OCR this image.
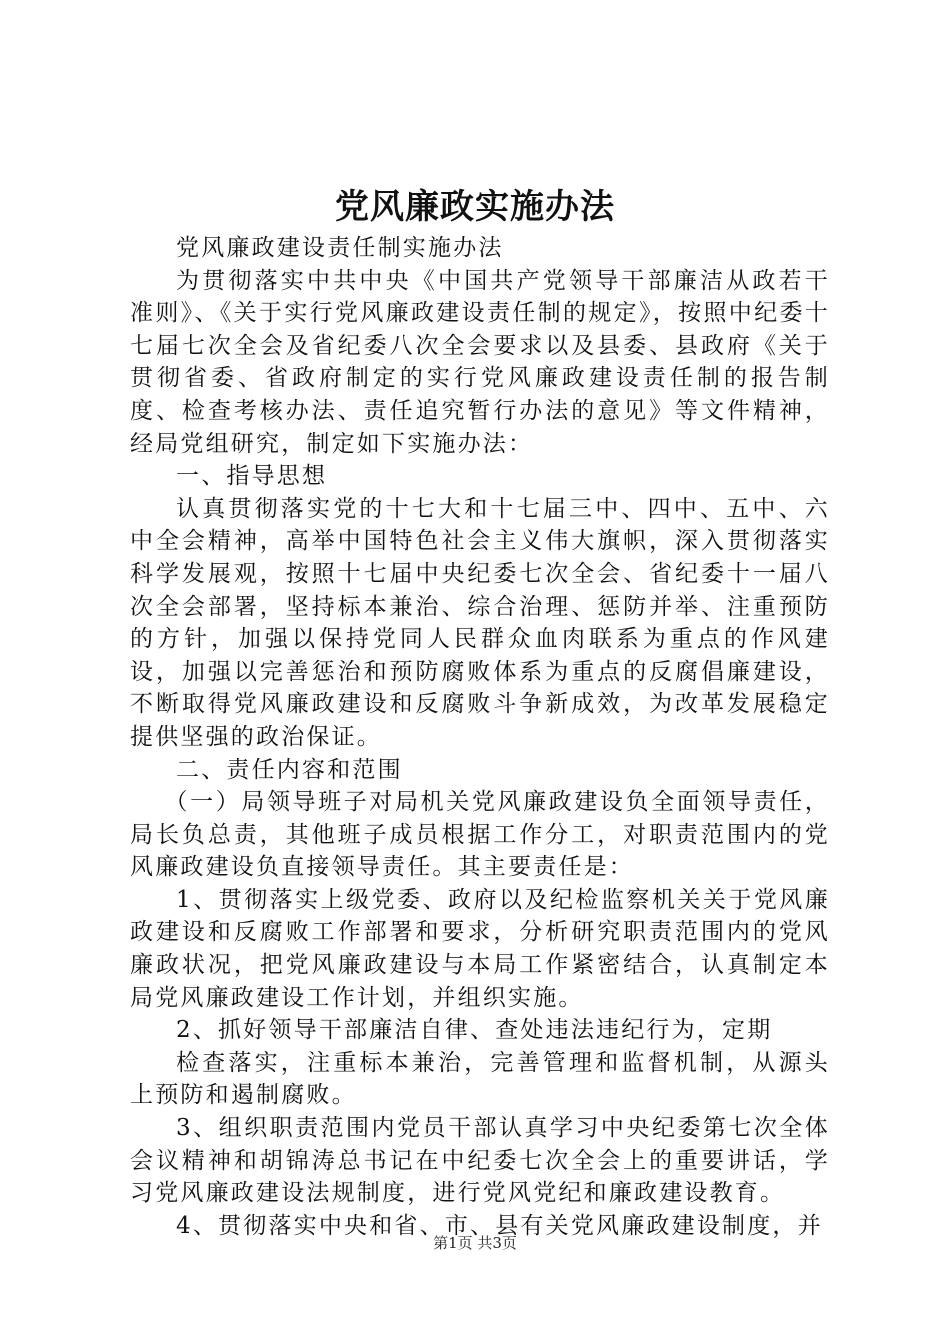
党风廉政实施办法

党风廉政建设责任制实施办法

为贯彻落实中共中央《中国共产党领导干部廉洁从政若干准则》、《关于实行党风廉政建设责任制的规定》，按照中纪委十七届七次全会及省纪委八次全会要求以及县委、县政府《关于贯彻省委、省政府制定的实行党风廉政建设责任制的报告制度、检查考核办法、责任追究暂行办法的意见》等文件精神，经局党组研究，制定如下实施办法：

一、指导思想

认真贯彻落实党的十七大和十七届三中、四中、五中、六中全会精神，高举中国特色社会主义伟大旗帜，深入贯彻落实科学发展观，按照十七届中央纪委七次全会、省纪委十一届八次全会部署，坚持标本兼治、综合治理、惩防并举、注重预防的方针，加强以保持党同人民群众血肉联系为重点的作风建设，加强以完善惩治和预防腐败体系为重点的反腐倡廉建设，不断取得党风廉政建设和反腐败斗争新成效，为改革发展稳定提供坚强的政治保证。

二、责任内容和范围

（一）局领导班子对局机关党风廉政建设负全面领导责任，局长负总责，其他班子成员根据工作分工，对职责范围内的党风廉政建设负直接领导责任。其主要责任是：

1、贯彻落实上级党委、政府以及纪检监察机关关于党风廉政建设和反腐败工作部署和要求，分析研究职责范围内的党风廉政状况，把党风廉政建设与本局工作紧密结合，认真制定本局党风廉政建设工作计划，并组织实施。

2、抓好领导干部廉洁自律、查处违法违纪行为，定期

检查落实，注重标本兼治，完善管理和监督机制，从源头上预防和遏制腐败。

3、组织职责范围内党员干部认真学习中央纪委第七次全体会议精神和胡锦涛总书记在中纪委七次全会上的重要讲话，学习党风廉政建设法规制度，进行党风党纪和廉政建设教育。

4、贯彻落实中央和省、市、县有关党风廉政建设制度，并

第1页 共3页
